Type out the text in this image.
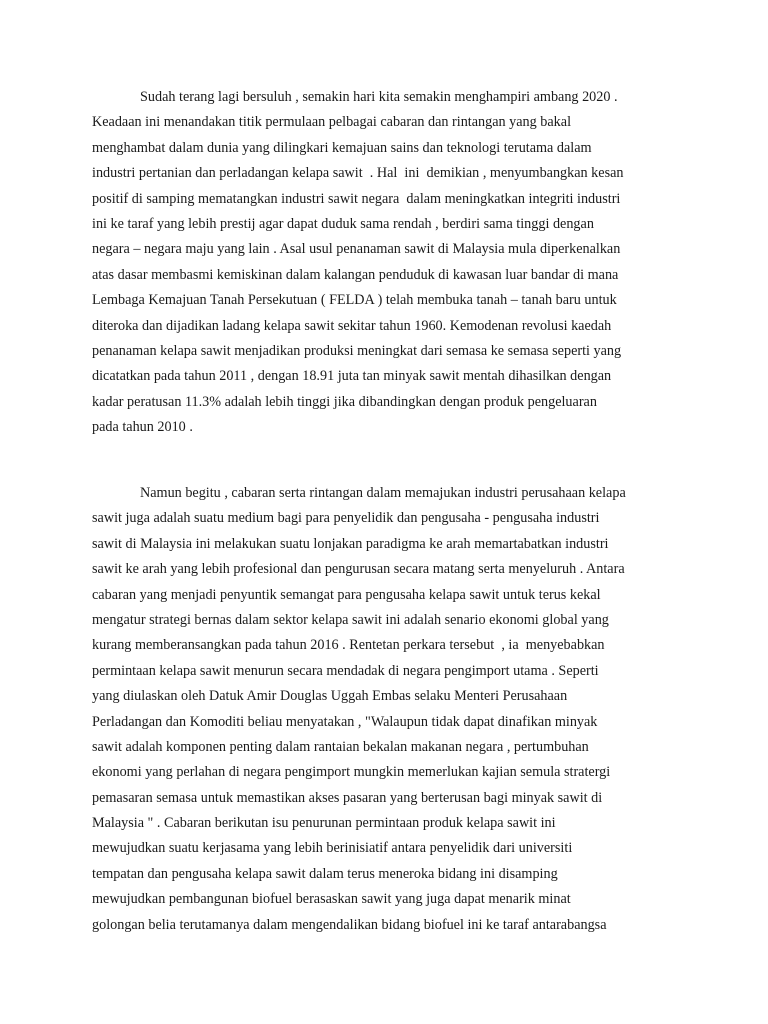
Sudah terang lagi bersuluh , semakin hari kita semakin menghampiri ambang 2020 .
Keadaan ini menandakan titik permulaan pelbagai cabaran dan rintangan yang bakal
menghambat dalam dunia yang dilingkari kemajuan sains dan teknologi terutama dalam
industri pertanian dan perladangan kelapa sawit  . Hal  ini  demikian , menyumbangkan kesan
positif di samping mematangkan industri sawit negara  dalam meningkatkan integriti industri
ini ke taraf yang lebih prestij agar dapat duduk sama rendah , berdiri sama tinggi dengan
negara – negara maju yang lain . Asal usul penanaman sawit di Malaysia mula diperkenalkan
atas dasar membasmi kemiskinan dalam kalangan penduduk di kawasan luar bandar di mana
Lembaga Kemajuan Tanah Persekutuan ( FELDA ) telah membuka tanah – tanah baru untuk
diteroka dan dijadikan ladang kelapa sawit sekitar tahun 1960. Kemodenan revolusi kaedah
penanaman kelapa sawit menjadikan produksi meningkat dari semasa ke semasa seperti yang
dicatatkan pada tahun 2011 , dengan 18.91 juta tan minyak sawit mentah dihasilkan dengan
kadar peratusan 11.3% adalah lebih tinggi jika dibandingkan dengan produk pengeluaran
pada tahun 2010 .
Namun begitu , cabaran serta rintangan dalam memajukan industri perusahaan kelapa
sawit juga adalah suatu medium bagi para penyelidik dan pengusaha - pengusaha industri
sawit di Malaysia ini melakukan suatu lonjakan paradigma ke arah memartabatkan industri
sawit ke arah yang lebih profesional dan pengurusan secara matang serta menyeluruh . Antara
cabaran yang menjadi penyuntik semangat para pengusaha kelapa sawit untuk terus kekal
mengatur strategi bernas dalam sektor kelapa sawit ini adalah senario ekonomi global yang
kurang memberansangkan pada tahun 2016 . Rentetan perkara tersebut  , ia  menyebabkan
permintaan kelapa sawit menurun secara mendadak di negara pengimport utama . Seperti
yang diulaskan oleh Datuk Amir Douglas Uggah Embas selaku Menteri Perusahaan
Perladangan dan Komoditi beliau menyatakan , "Walaupun tidak dapat dinafikan minyak
sawit adalah komponen penting dalam rantaian bekalan makanan negara , pertumbuhan
ekonomi yang perlahan di negara pengimport mungkin memerlukan kajian semula stratergi
pemasaran semasa untuk memastikan akses pasaran yang berterusan bagi minyak sawit di
Malaysia " . Cabaran berikutan isu penurunan permintaan produk kelapa sawit ini
mewujudkan suatu kerjasama yang lebih berinisiatif antara penyelidik dari universiti
tempatan dan pengusaha kelapa sawit dalam terus meneroka bidang ini disamping
mewujudkan pembangunan biofuel berasaskan sawit yang juga dapat menarik minat
golongan belia terutamanya dalam mengendalikan bidang biofuel ini ke taraf antarabangsa
